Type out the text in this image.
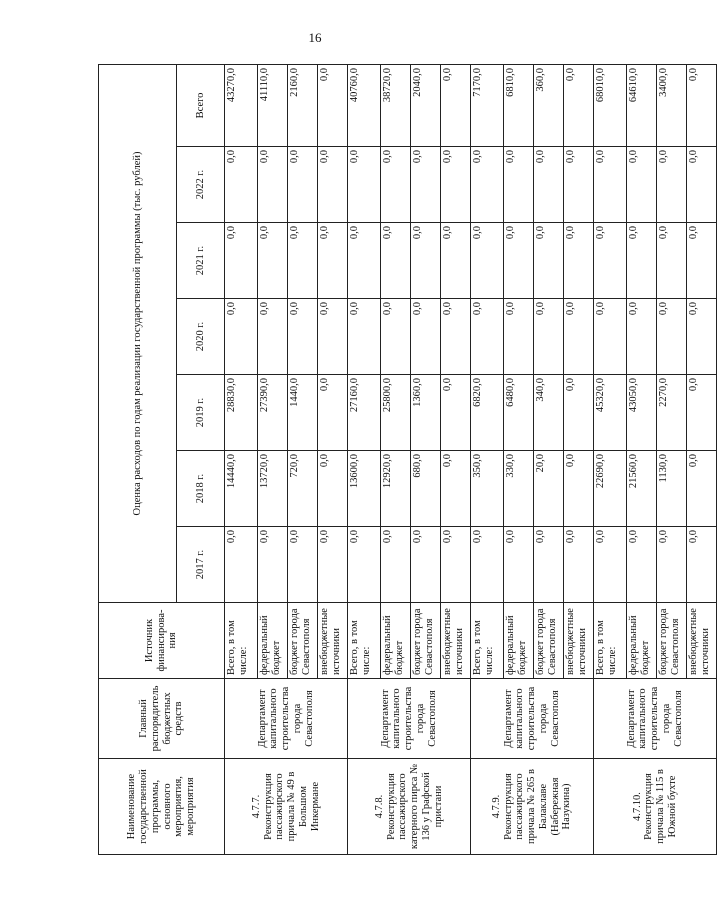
16
Наименование государственной программы, основного мероприятия, мероприятия	Главный распорядитель бюджетных средств	Источник финансирова-ния	Оценка расходов по годам реализации государственной программы (тыс. рублей)						
			2017 г.	2018 г.	2019 г.	2020 г.	2021 г.	2022 г.	Всего
4.7.7. Реконструкция пассажирского причала № 49 в Большом Инкермане	Департамент капитального строительства города Севастополя	Всего, в том числе:	0,0	14440,0	28830,0	0,0	0,0	0,0	43270,0
		федеральный бюджет	0,0	13720,0	27390,0	0,0	0,0	0,0	41110,0
		бюджет города Севастополя	0,0	720,0	1440,0	0,0	0,0	0,0	2160,0
		внебюджетные источники	0,0	0,0	0,0	0,0	0,0	0,0	0,0
4.7.8. Реконструкция пассажирского катерного пирса № 136 у Графской пристани	Департамент капитального строительства города Севастополя	Всего, в том числе:	0,0	13600,0	27160,0	0,0	0,0	0,0	40760,0
		федеральный бюджет	0,0	12920,0	25800,0	0,0	0,0	0,0	38720,0
		бюджет города Севастополя	0,0	680,0	1360,0	0,0	0,0	0,0	2040,0
		внебюджетные источники	0,0	0,0	0,0	0,0	0,0	0,0	0,0
4.7.9. Реконструкция пассажирского причала № 265 в Балаклаве (Набережная Назукина)	Департамент капитального строительства города Севастополя	Всего, в том числе:	0,0	350,0	6820,0	0,0	0,0	0,0	7170,0
		федеральный бюджет	0,0	330,0	6480,0	0,0	0,0	0,0	6810,0
		бюджет города Севастополя	0,0	20,0	340,0	0,0	0,0	0,0	360,0
		внебюджетные источники	0,0	0,0	0,0	0,0	0,0	0,0	0,0
4.7.10. Реконструкция причала № 115 в Южной бухте	Департамент капитального строительства города Севастополя	Всего, в том числе:	0,0	22690,0	45320,0	0,0	0,0	0,0	68010,0
		федеральный бюджет	0,0	21560,0	43050,0	0,0	0,0	0,0	64610,0
		бюджет города Севастополя	0,0	1130,0	2270,0	0,0	0,0	0,0	3400,0
		внебюджетные источники	0,0	0,0	0,0	0,0	0,0	0,0	0,0
